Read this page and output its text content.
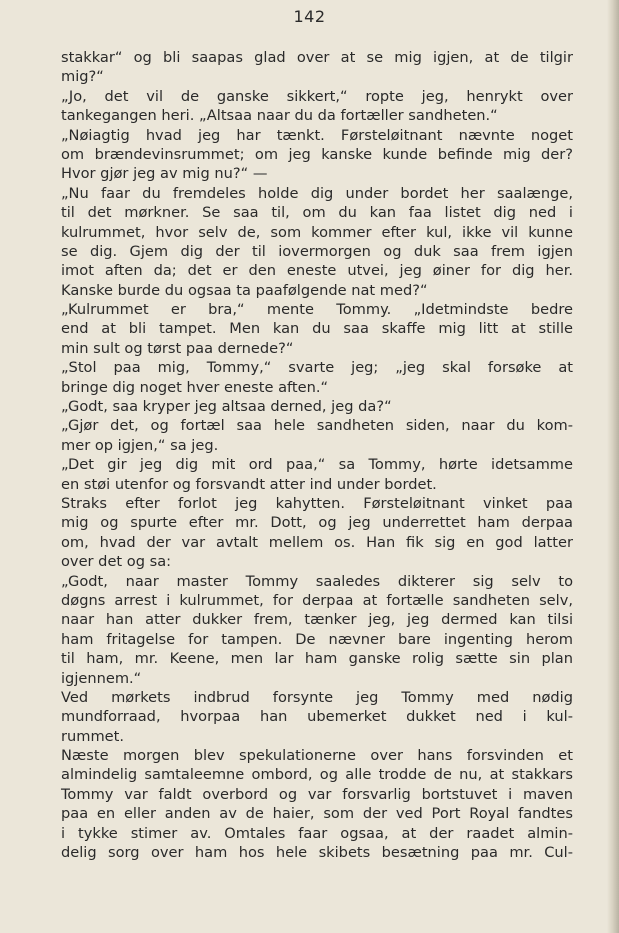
142
stakkar“ og bli saapas glad over at se mig igjen, at de tilgir
mig?“
„Jo, det vil de ganske sikkert,“ ropte jeg, henrykt over
tankegangen heri. „Altsaa naar du da fortæller sandheten.“
„Nøiagtig hvad jeg har tænkt. Førsteløitnant nævnte noget
om brændevinsrummet; om jeg kanske kunde befinde mig der?
Hvor gjør jeg av mig nu?“ —
„Nu faar du fremdeles holde dig under bordet her saalænge,
til det mørkner. Se saa til, om du kan faa listet dig ned i
kulrummet, hvor selv de, som kommer efter kul, ikke vil kunne
se dig. Gjem dig der til iovermorgen og duk saa frem igjen
imot aften da; det er den eneste utvei, jeg øiner for dig her.
Kanske burde du ogsaa ta paafølgende nat med?“
„Kulrummet er bra,“ mente Tommy. „Idetmindste bedre
end at bli tampet. Men kan du saa skaffe mig litt at stille
min sult og tørst paa dernede?“
„Stol paa mig, Tommy,“ svarte jeg; „jeg skal forsøke at
bringe dig noget hver eneste aften.“
„Godt, saa kryper jeg altsaa derned, jeg da?“
„Gjør det, og fortæl saa hele sandheten siden, naar du kom-
mer op igjen,“ sa jeg.
„Det gir jeg dig mit ord paa,“ sa Tommy, hørte idetsamme
en støi utenfor og forsvandt atter ind under bordet.
Straks efter forlot jeg kahytten. Førsteløitnant vinket paa
mig og spurte efter mr. Dott, og jeg underrettet ham derpaa
om, hvad der var avtalt mellem os. Han fik sig en god latter
over det og sa:
„Godt, naar master Tommy saaledes dikterer sig selv to
døgns arrest i kulrummet, for derpaa at fortælle sandheten selv,
naar han atter dukker frem, tænker jeg, jeg dermed kan tilsi
ham fritagelse for tampen. De nævner bare ingenting herom
til ham, mr. Keene, men lar ham ganske rolig sætte sin plan
igjennem.“
Ved mørkets indbrud forsynte jeg Tommy med nødig
mundforraad, hvorpaa han ubemerket dukket ned i kul-
rummet.
Næste morgen blev spekulationerne over hans forsvinden et
almindelig samtaleemne ombord, og alle trodde de nu, at stakkars
Tommy var faldt overbord og var forsvarlig bortstuvet i maven
paa en eller anden av de haier, som der ved Port Royal fandtes
i tykke stimer av. Omtales faar ogsaa, at der raadet almin-
delig sorg over ham hos hele skibets besætning paa mr. Cul-
